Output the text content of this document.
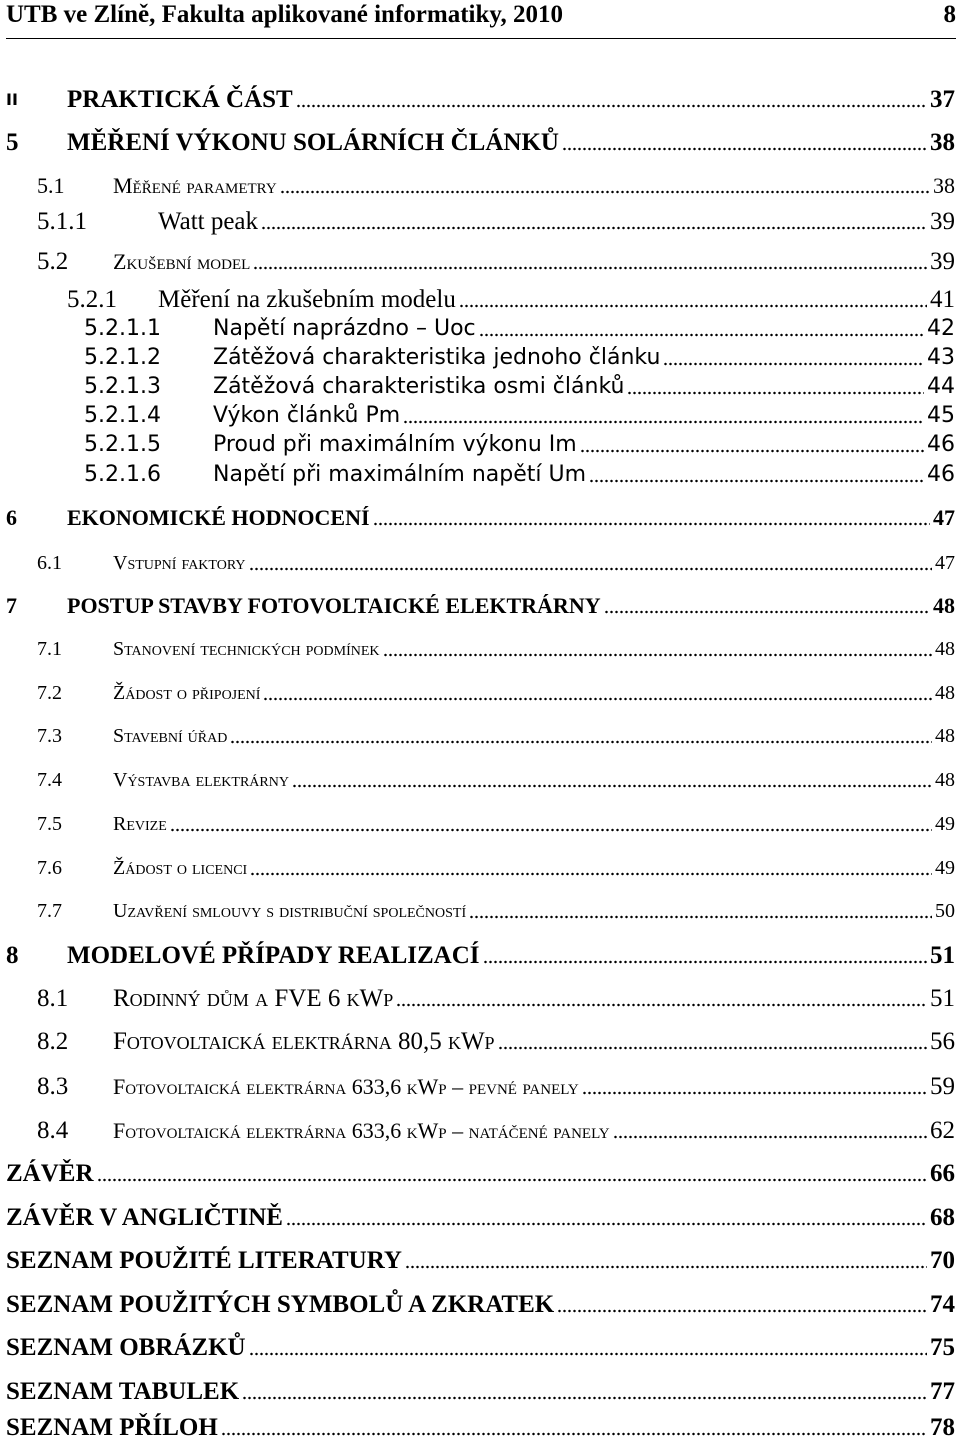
UTB ve Zlíně, Fakulta aplikované informatiky, 2010	8
II PRAKTICKÁ ČÁST	37
5 MĚŘENÍ VÝKONU SOLÁRNÍCH ČLÁNKŮ	38
5.1 Měřené parametry	38
5.1.1	Watt peak	39
5.2 Zkušební model	39
5.2.1 Měření na zkušebním modelu	41
5.2.1.1 Napětí naprázdno – Uoc	42
5.2.1.2 Zátěžová charakteristika jednoho článku	43
5.2.1.3 Zátěžová charakteristika osmi článků	44
5.2.1.4 Výkon článků Pm	45
5.2.1.5 Proud při maximálním výkonu Im	46
5.2.1.6 Napětí při maximálním napětí Um	46
6 EKONOMICKÉ HODNOCENÍ	47
6.1	Vstupní faktory	47
7 POSTUP STAVBY FOTOVOLTAICKÉ ELEKTRÁRNY	48
7.1	Stanovení technických podmínek	48
7.2	Žádost o připojení	48
7.3	Stavební úřad	48
7.4	Výstavba elektrárny	48
7.5	Revize	49
7.6	Žádost o licenci	49
7.7	Uzavření smlouvy s distribuční společností	50
8 MODELOVÉ PŘÍPADY REALIZACÍ	51
8.1 Rodinný dům a FVE 6 kWp	51
8.2 Fotovoltaická elektrárna 80,5 kWp	56
8.3 Fotovoltaická elektrárna 633,6 kWp – pevné panely	59
8.4 Fotovoltaická elektrárna 633,6 kWp – natáčené panely	62
ZÁVĚR	66
ZÁVĚR V ANGLIČTINĚ	68
SEZNAM POUŽITÉ LITERATURY	70
SEZNAM POUŽITÝCH SYMBOLŮ A ZKRATEK	74
SEZNAM OBRÁZKŮ	75
SEZNAM TABULEK	77
SEZNAM PŘÍLOH	78
